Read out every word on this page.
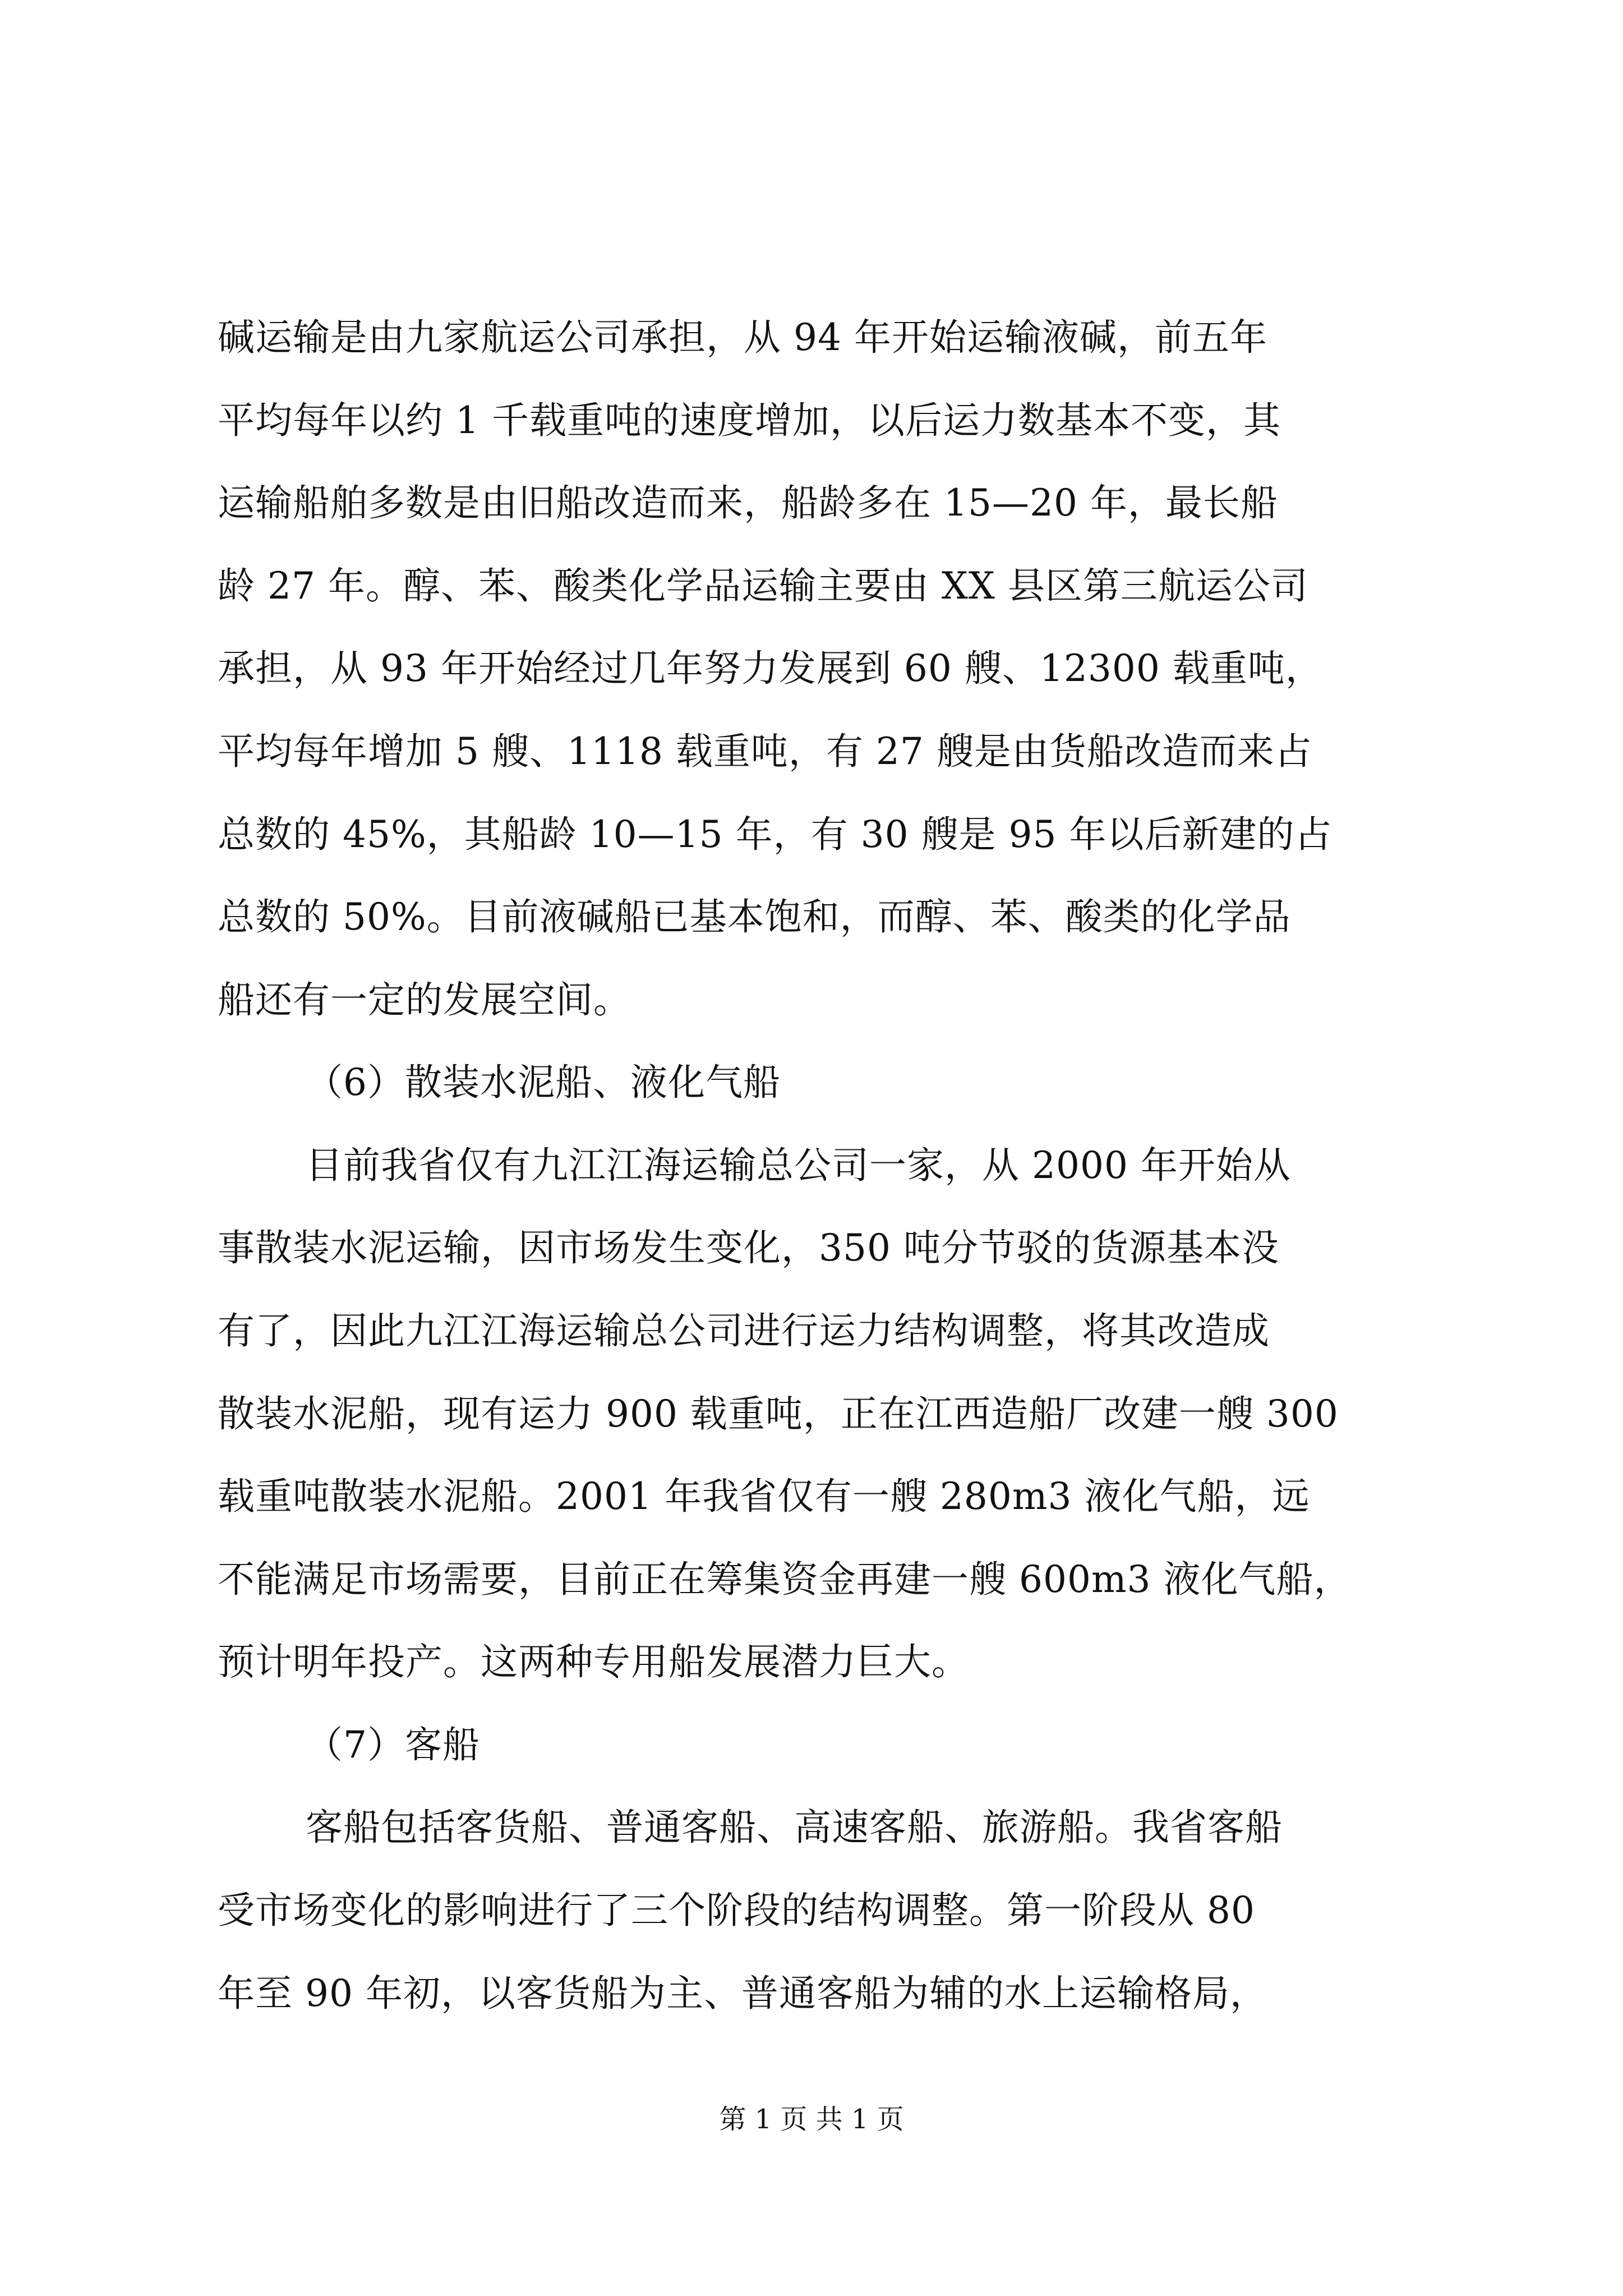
碱运输是由九家航运公司承担，从 94 年开始运输液碱，前五年
平均每年以约 1 千载重吨的速度增加，以后运力数基本不变，其
运输船舶多数是由旧船改造而来，船龄多在 15—20 年，最长船
龄 27 年。醇、苯、酸类化学品运输主要由 XX 县区第三航运公司
承担，从 93 年开始经过几年努力发展到 60 艘、12300 载重吨，
平均每年增加 5 艘、1118 载重吨，有 27 艘是由货船改造而来占
总数的 45%，其船龄 10—15 年，有 30 艘是 95 年以后新建的占
总数的 50%。目前液碱船已基本饱和，而醇、苯、酸类的化学品
船还有一定的发展空间。
（6）散装水泥船、液化气船
目前我省仅有九江江海运输总公司一家，从 2000 年开始从
事散装水泥运输，因市场发生变化，350 吨分节驳的货源基本没
有了，因此九江江海运输总公司进行运力结构调整，将其改造成
散装水泥船，现有运力 900 载重吨，正在江西造船厂改建一艘 300
载重吨散装水泥船。2001 年我省仅有一艘 280m3 液化气船，远
不能满足市场需要，目前正在筹集资金再建一艘 600m3 液化气船，
预计明年投产。这两种专用船发展潜力巨大。
（7）客船
客船包括客货船、普通客船、高速客船、旅游船。我省客船
受市场变化的影响进行了三个阶段的结构调整。第一阶段从 80
年至 90 年初，以客货船为主、普通客船为辅的水上运输格局，
第 1 页 共 1 页
